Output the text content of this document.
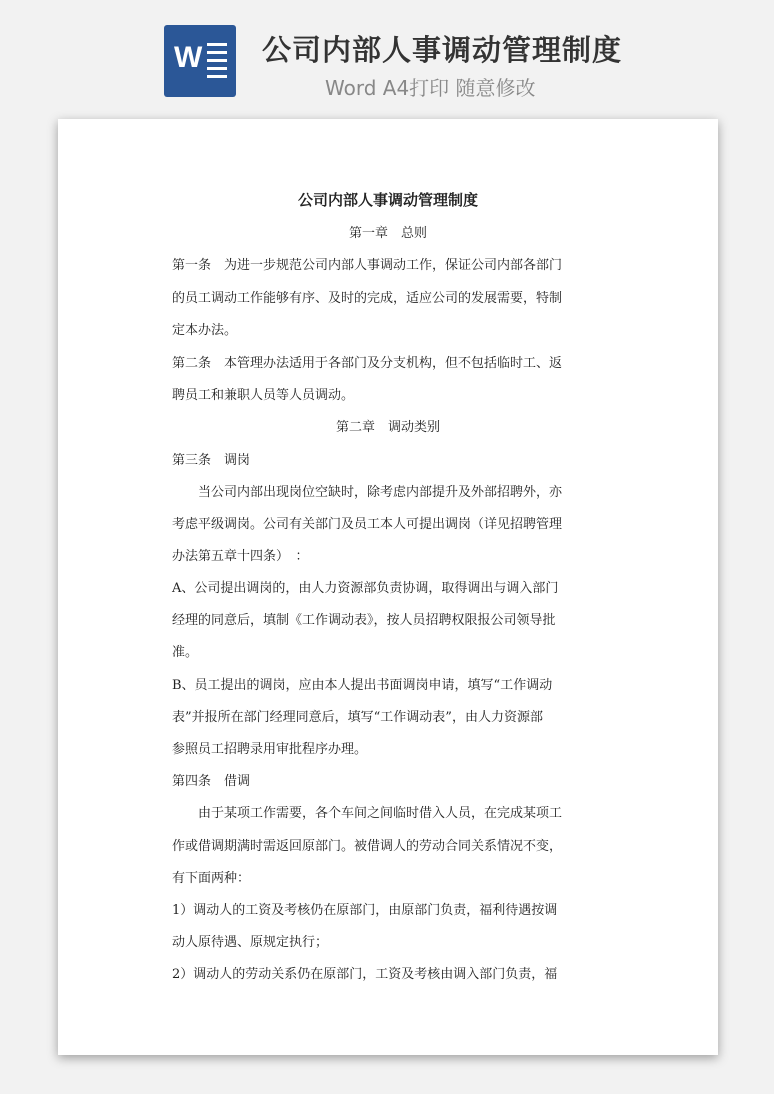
W 公司内部人事调动管理制度
Word A4打印 随意修改
公司内部人事调动管理制度
第一章　总则
第一条　为进一步规范公司内部人事调动工作，保证公司内部各部门
的员工调动工作能够有序、及时的完成，适应公司的发展需要，特制
定本办法。
第二条　本管理办法适用于各部门及分支机构，但不包括临时工、返
聘员工和兼职人员等人员调动。
第二章　调动类别
第三条　调岗
　　当公司内部出现岗位空缺时，除考虑内部提升及外部招聘外，亦
考虑平级调岗。公司有关部门及员工本人可提出调岗（详见招聘管理
办法第五章十四条）　：
A、公司提出调岗的，由人力资源部负责协调，取得调出与调入部门
经理的同意后，填制《工作调动表》，按人员招聘权限报公司领导批
准。
B、员工提出的调岗，应由本人提出书面调岗申请，填写“工作调动
表”并报所在部门经理同意后，填写“工作调动表”，由人力资源部
参照员工招聘录用审批程序办理。
第四条　借调
　　由于某项工作需要，各个车间之间临时借入人员，在完成某项工
作或借调期满时需返回原部门。被借调人的劳动合同关系情况不变，
有下面两种：
1）调动人的工资及考核仍在原部门，由原部门负责，福利待遇按调
动人原待遇、原规定执行；
2）调动人的劳动关系仍在原部门，工资及考核由调入部门负责，福
